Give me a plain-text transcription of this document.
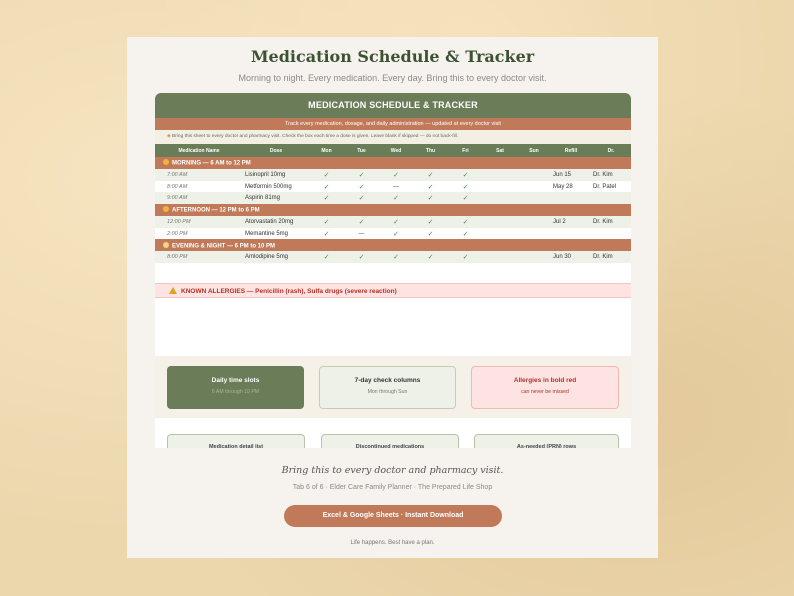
Medication Schedule & Tracker
Morning to night. Every medication. Every day. Bring this to every doctor visit.
MEDICATION SCHEDULE & TRACKER
Track every medication, dosage, and daily administration — updated at every doctor visit
◈ Bring this sheet to every doctor and pharmacy visit. Check the box each time a dose is given. Leave blank if skipped — do not back-fill.
Medication Name	Dose	Mon	Tue	Wed	Thu	Fri	Sat	Sun	Refill	Dr.
MORNING — 6 AM to 12 PM										
7:00 AM	Lisinopril 10mg	✓	✓	✓	✓	✓			Jun 15	Dr. Kim
8:00 AM	Metformin 500mg	✓	✓	—	✓	✓			May 28	Dr. Patel
9:00 AM	Aspirin 81mg	✓	✓	✓	✓	✓				
AFTERNOON — 12 PM to 6 PM										
12:00 PM	Atorvastatin 20mg	✓	✓	✓	✓	✓			Jul 2	Dr. Kim
2:00 PM	Memantine 5mg	✓	—	✓	✓	✓				
EVENING & NIGHT — 6 PM to 10 PM										
8:00 PM	Amlodipine 5mg	✓	✓	✓	✓	✓			Jun 30	Dr. Kim

KNOWN ALLERGIES — Penicillin (rash), Sulfa drugs (severe reaction)
Daily time slots
6 AM through 10 PM
7-day check columns
Mon through Sun
Allergies in bold red
can never be missed
Medication detail list	Discontinued medications	As-needed (PRN) rows
Bring this to every doctor and pharmacy visit.
Tab 6 of 6 · Elder Care Family Planner · The Prepared Life Shop
Excel & Google Sheets · Instant Download
Life happens. Best have a plan.
